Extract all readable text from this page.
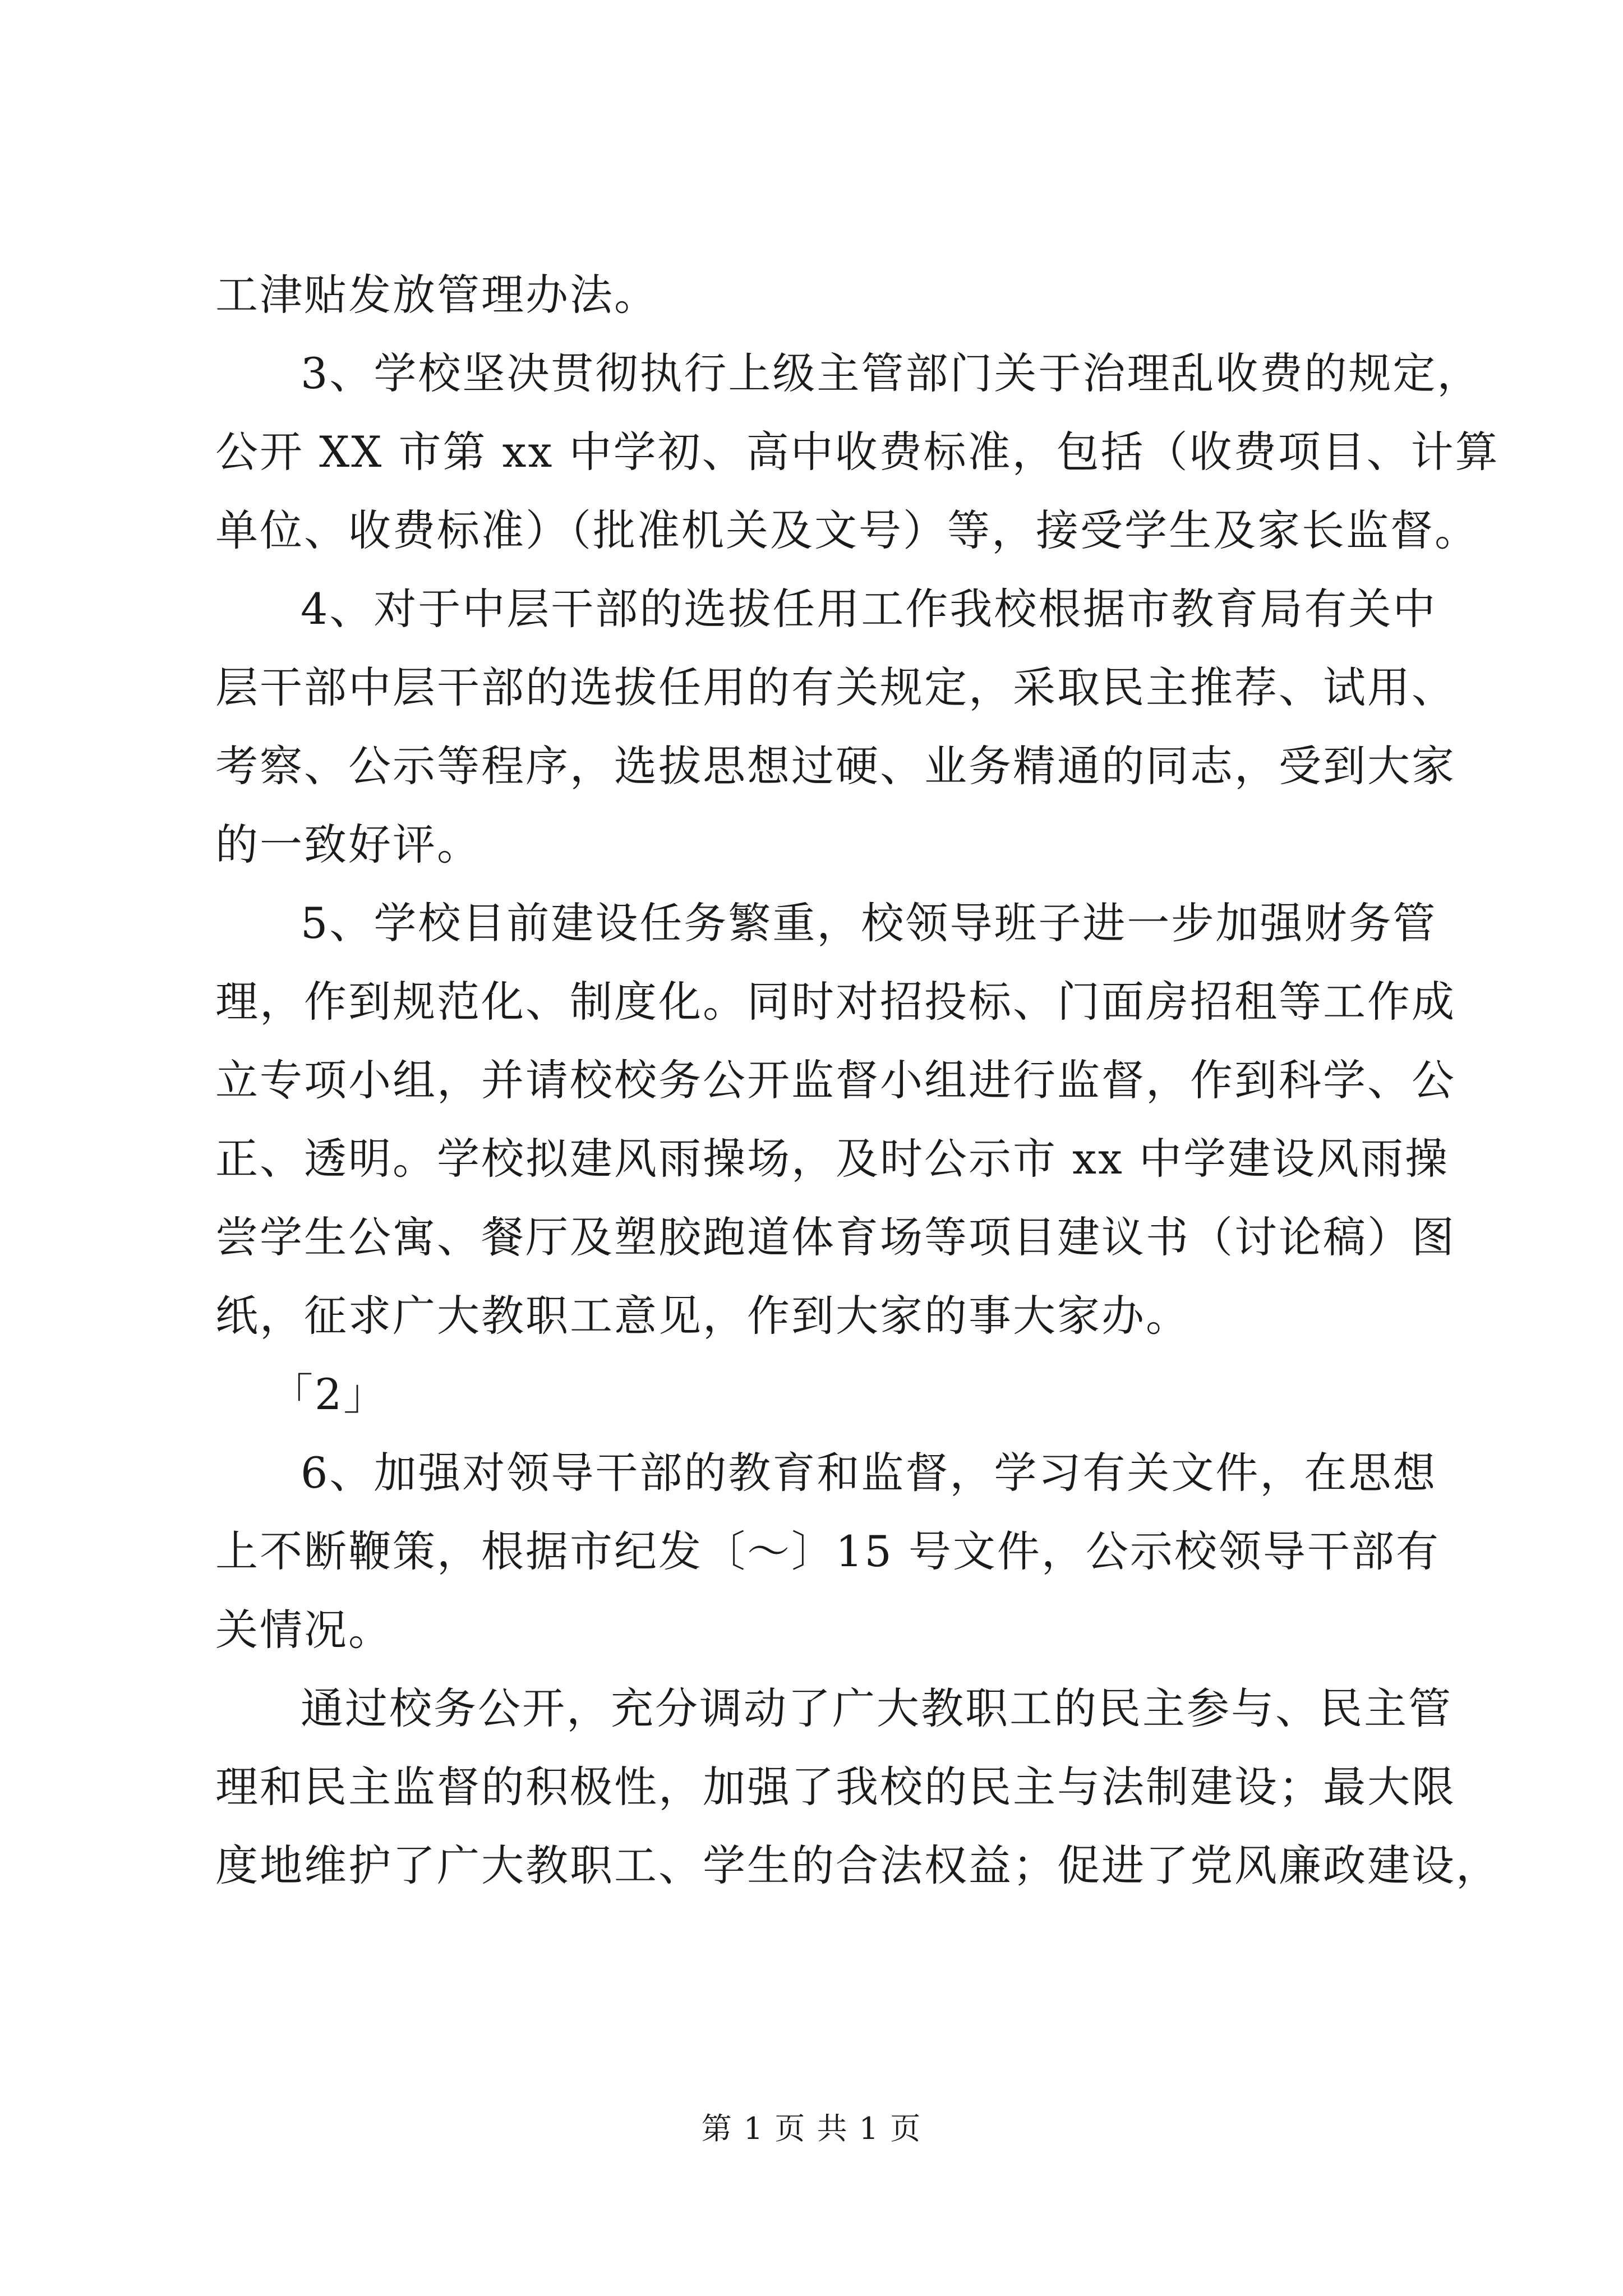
工津贴发放管理办法。
3、学校坚决贯彻执行上级主管部门关于治理乱收费的规定，
公开 XX 市第 xx 中学初、高中收费标准，包括（收费项目、计算
单位、收费标准）（批准机关及文号）等，接受学生及家长监督。
4、对于中层干部的选拔任用工作我校根据市教育局有关中
层干部中层干部的选拔任用的有关规定，采取民主推荐、试用、
考察、公示等程序，选拔思想过硬、业务精通的同志，受到大家
的一致好评。
5、学校目前建设任务繁重，校领导班子进一步加强财务管
理，作到规范化、制度化。同时对招投标、门面房招租等工作成
立专项小组，并请校校务公开监督小组进行监督，作到科学、公
正、透明。学校拟建风雨操场，及时公示市 xx 中学建设风雨操
尝学生公寓、餐厅及塑胶跑道体育场等项目建议书（讨论稿）图
纸，征求广大教职工意见，作到大家的事大家办。
「2」
6、加强对领导干部的教育和监督，学习有关文件，在思想
上不断鞭策，根据市纪发〔～〕15 号文件，公示校领导干部有
关情况。
通过校务公开，充分调动了广大教职工的民主参与、民主管
理和民主监督的积极性，加强了我校的民主与法制建设；最大限
度地维护了广大教职工、学生的合法权益；促进了党风廉政建设，
第 1 页 共 1 页
